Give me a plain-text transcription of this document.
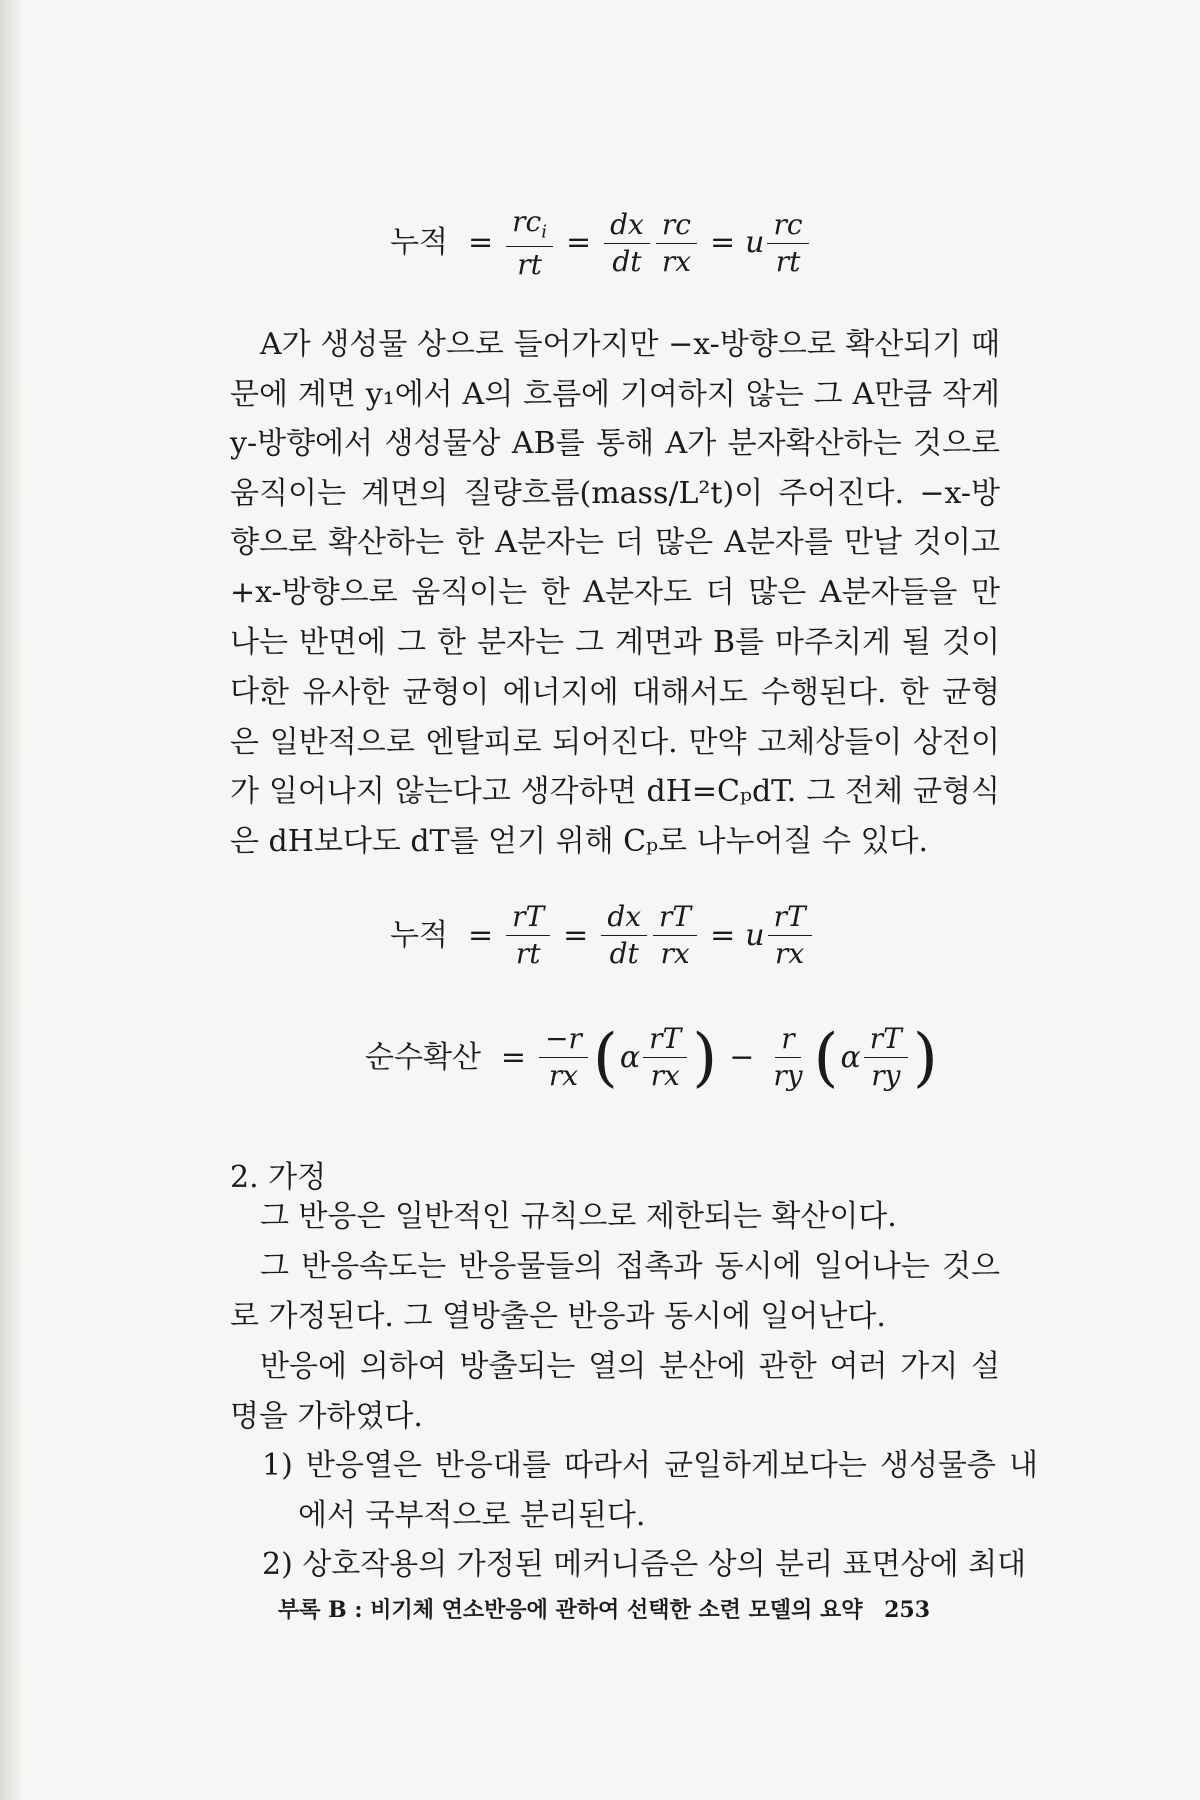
누적 = $\frac{rc_i}{rt} = \frac{dx}{dt} \frac{rc}{rx} = u \frac{rc}{rt}$

A가 생성물 상으로 들어가지만 −x-방향으로 확산되기 때문에 계면 y₁에서 A의 흐름에 기여하지 않는 그 A만큼 작게 y-방향에서 생성물상 AB를 통해 A가 분자확산하는 것으로 움직이는 계면의 질량흐름(mass/L²t)이 주어진다. −x-방향으로 확산하는 한 A분자는 더 많은 A분자를 만날 것이고 +x-방향으로 움직이는 한 A분자도 더 많은 A분자들을 만나는 반면에 그 한 분자는 그 계면과 B를 마주치게 될 것이다.

한 유사한 균형이 에너지에 대해서도 수행된다. 한 균형은 일반적으로 엔탈피로 되어진다. 만약 고체상들이 상전이가 일어나지 않는다고 생각하면 dH=CₚdT. 그 전체 균형식은 dH보다도 dT를 얻기 위해 Cₚ로 나누어질 수 있다.

누적 = $\frac{rT}{rt} = \frac{dx}{dt} \frac{rT}{rx} = u \frac{rT}{rx}$
순수확산 = $\frac{-r}{rx}$ ( α $\frac{rT}{rx}$ ) − $\frac{r}{ry}$ ( α $\frac{rT}{ry}$ )
2. 가정

그 반응은 일반적인 규칙으로 제한되는 확산이다.

그 반응속도는 반응물들의 접촉과 동시에 일어나는 것으로 가정된다. 그 열방출은 반응과 동시에 일어난다.

반응에 의하여 방출되는 열의 분산에 관한 여러 가지 설명을 가하였다.

1) 반응열은 반응대를 따라서 균일하게보다는 생성물층 내에서 국부적으로 분리된다.

2) 상호작용의 가정된 메커니즘은 상의 분리 표면상에 최대

부록 B : 비기체 연소반응에 관하여 선택한 소련 모델의 요약 253
